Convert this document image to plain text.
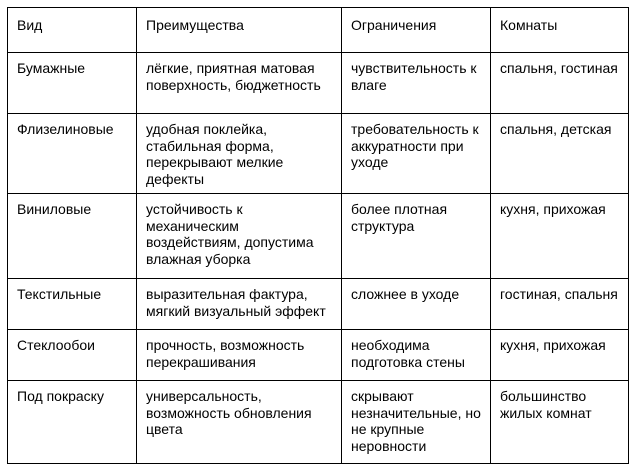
Вид	Преимущества	Ограничения	Комнаты
Бумажные	лёгкие, приятная матовая поверхность, бюджетность	чувствительность к влаге	спальня, гостиная
Флизелиновые	удобная поклейка, стабильная форма, перекрывают мелкие дефекты	требовательность к аккуратности при уходе	спальня, детская
Виниловые	устойчивость к механическим воздействиям, допустима влажная уборка	более плотная структура	кухня, прихожая
Текстильные	выразительная фактура, мягкий визуальный эффект	сложнее в уходе	гостиная, спальня
Стеклообои	прочность, возможность перекрашивания	необходима подготовка стены	кухня, прихожая
Под покраску	универсальность, возможность обновления цвета	скрывают незначительные, но не крупные неровности	большинство жилых комнат
